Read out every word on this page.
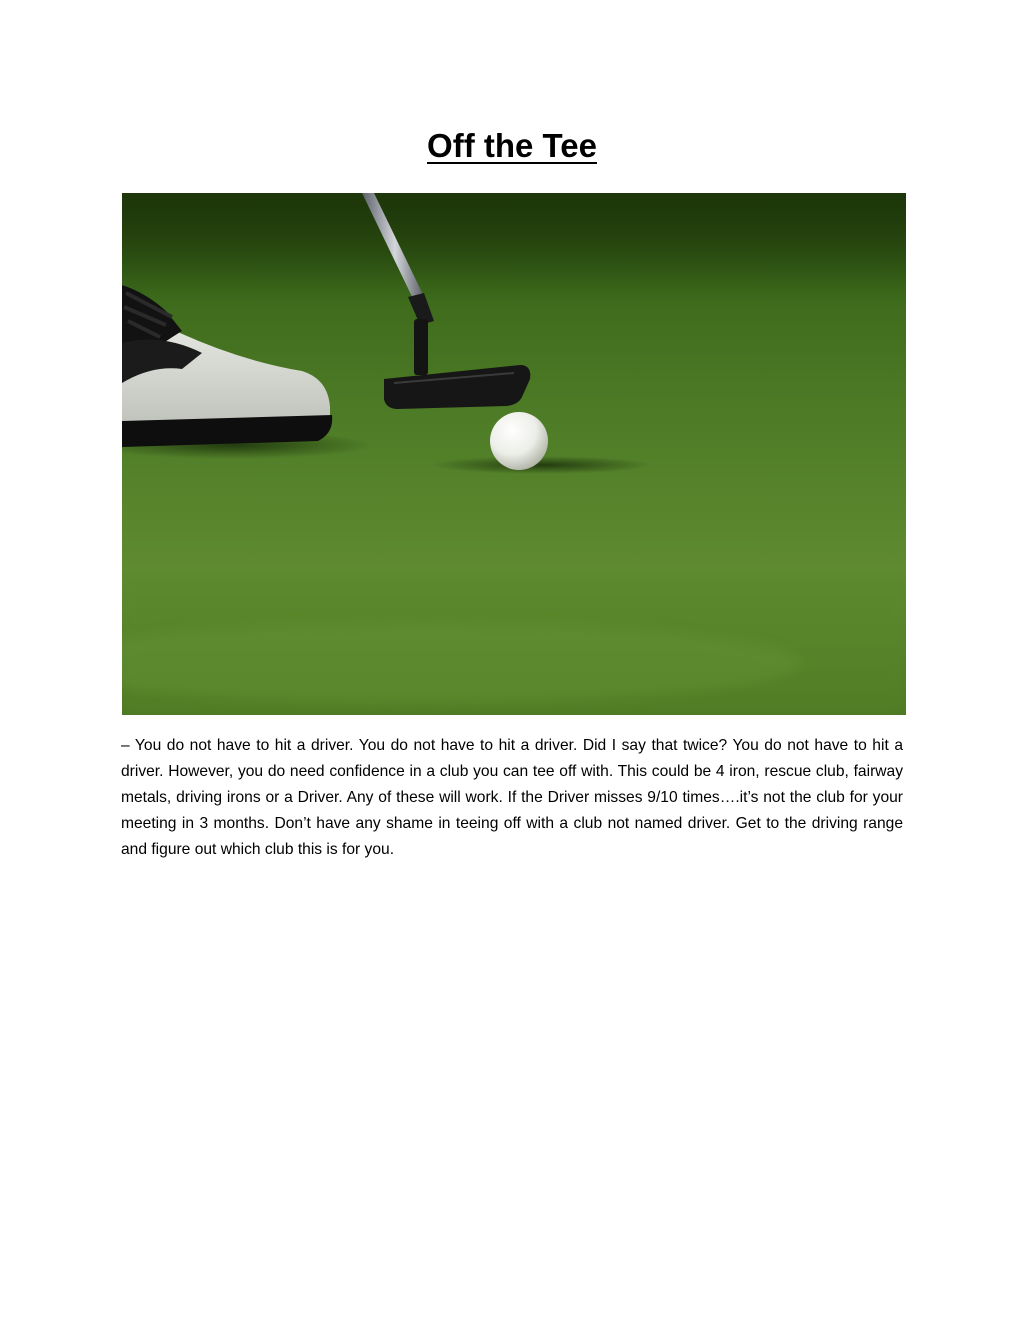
Off the Tee

– You do not have to hit a driver. You do not have to hit a driver. Did I say that twice? You do not have to hit a driver. However, you do need confidence in a club you can tee off with. This could be 4 iron, rescue club, fairway metals, driving irons or a Driver. Any of these will work. If the Driver misses 9/10 times….it’s not the club for your meeting in 3 months. Don’t have any shame in teeing off with a club not named driver. Get to the driving range and figure out which club this is for you.
